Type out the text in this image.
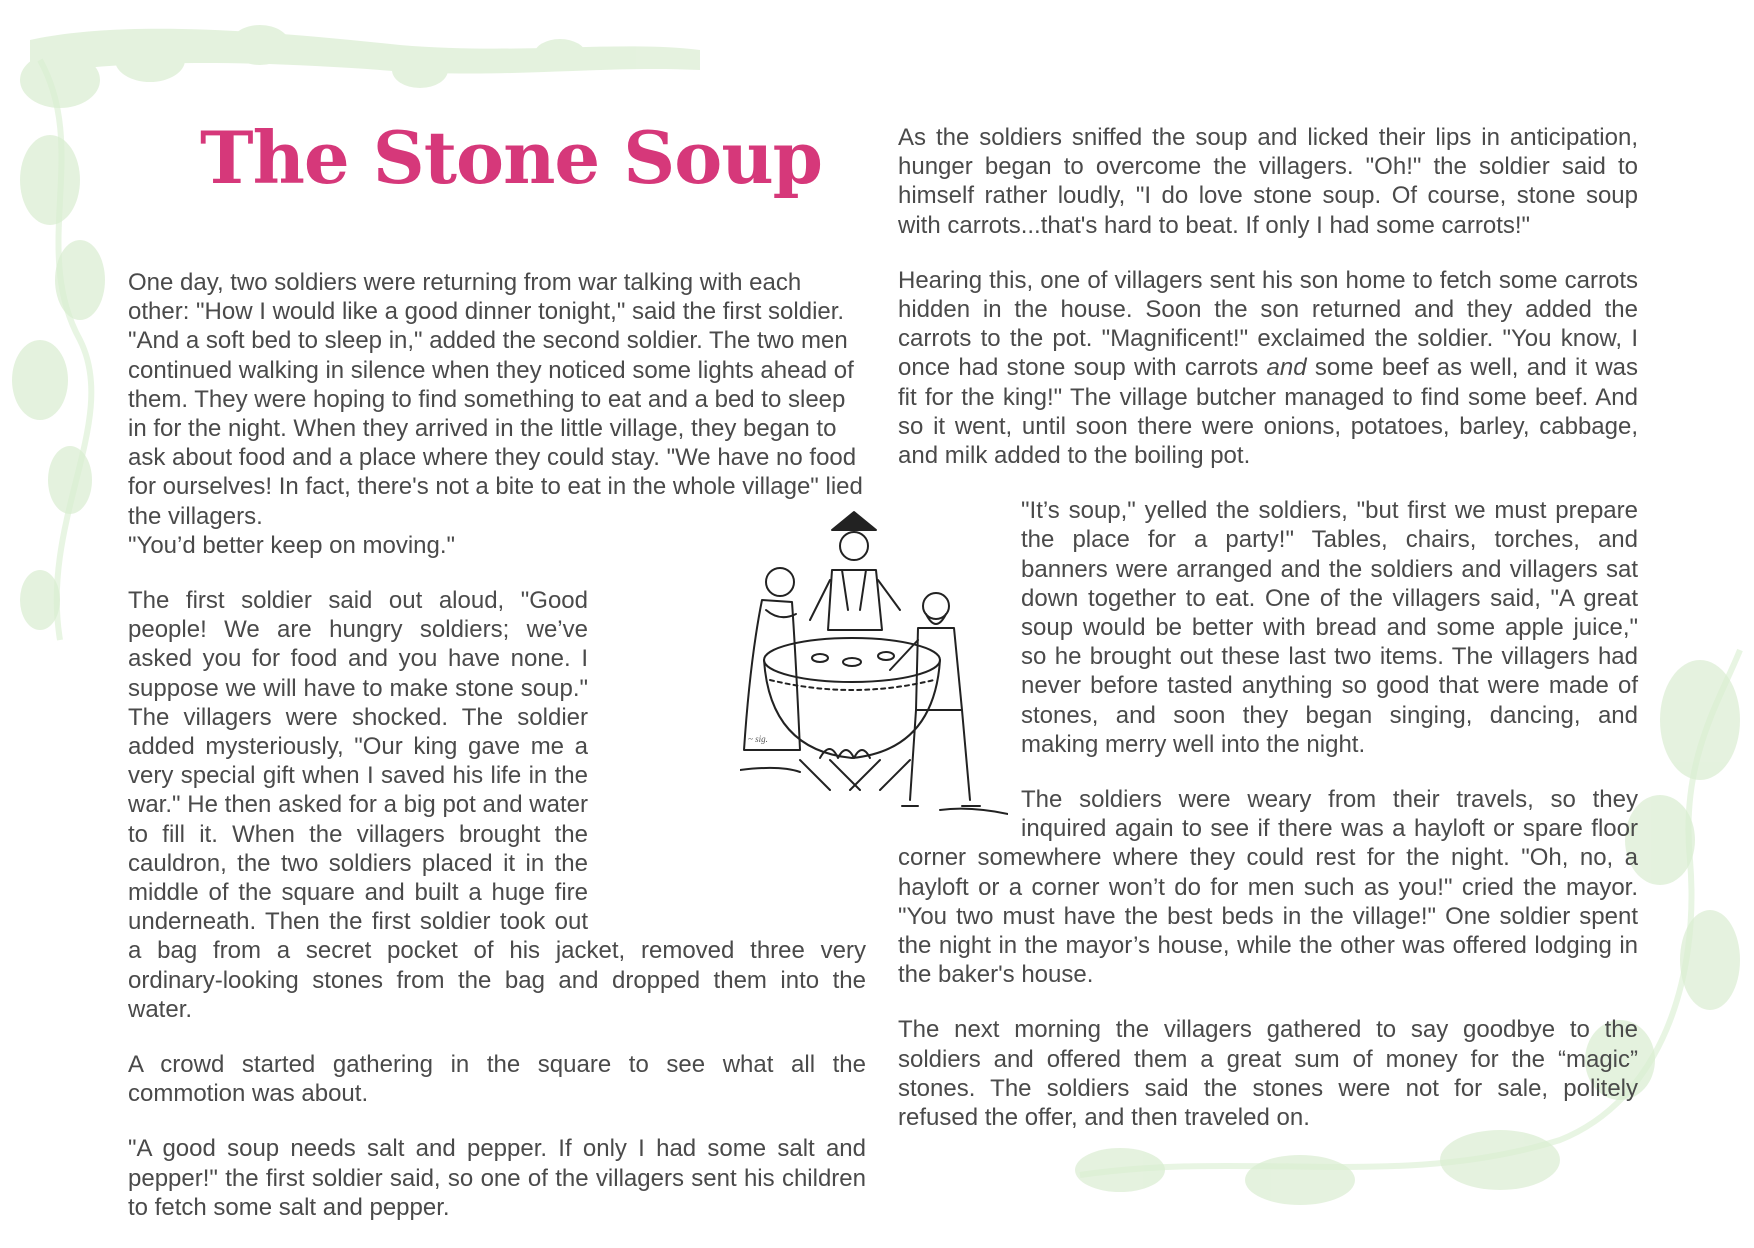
The Stone Soup
~ sig.

One day, two soldiers were returning from war talking with each other: "How I would like a good dinner tonight," said the first soldier. "And a soft bed to sleep in," added the second soldier. The two men continued walking in silence when they noticed some lights ahead of them. They were hoping to find something to eat and a bed to sleep in for the night. When they arrived in the little village, they began to ask about food and a place where they could stay. "We have no food for ourselves! In fact, there's not a bite to eat in the whole village" lied the villagers.
"You’d better keep on moving."

The first soldier said out aloud, "Good people! We are hungry soldiers; we’ve asked you for food and you have none. I suppose we will have to make stone soup." The villagers were shocked. The soldier added mysteriously, "Our king gave me a very special gift when I saved his life in the war." He then asked for a big pot and water to fill it. When the villagers brought the cauldron, the two soldiers placed it in the middle of the square and built a huge fire underneath. Then the first soldier took out a bag from a secret pocket of his jacket, removed three very ordinary-looking stones from the bag and dropped them into the water.

A crowd started gathering in the square to see what all the commotion was about.

"A good soup needs salt and pepper. If only I had some salt and pepper!" the first soldier said, so one of the villagers sent his children to fetch some salt and pepper.

As the soldiers sniffed the soup and licked their lips in anticipation, hunger began to overcome the villagers. "Oh!" the soldier said to himself rather loudly, "I do love stone soup. Of course, stone soup with carrots...that's hard to beat. If only I had some carrots!"

Hearing this, one of villagers sent his son home to fetch some carrots hidden in the house. Soon the son returned and they added the carrots to the pot. "Magnificent!" exclaimed the soldier. "You know, I once had stone soup with carrots and some beef as well, and it was fit for the king!" The village butcher managed to find some beef. And so it went, until soon there were onions, potatoes, barley, cabbage, and milk added to the boiling pot.

"It’s soup," yelled the soldiers, "but first we must prepare the place for a party!" Tables, chairs, torches, and banners were arranged and the soldiers and villagers sat down together to eat. One of the villagers said, "A great soup would be better with bread and some apple juice," so he brought out these last two items. The villagers had never before tasted anything so good that were made of stones, and soon they began singing, dancing, and making merry well into the night.

The soldiers were weary from their travels, so they inquired again to see if there was a hayloft or spare floor corner somewhere where they could rest for the night. "Oh, no, a hayloft or a corner won’t do for men such as you!" cried the mayor. "You two must have the best beds in the village!" One soldier spent the night in the mayor’s house, while the other was offered lodging in the baker's house.

The next morning the villagers gathered to say goodbye to the soldiers and offered them a great sum of money for the “magic” stones. The soldiers said the stones were not for sale, politely refused the offer, and then traveled on.
